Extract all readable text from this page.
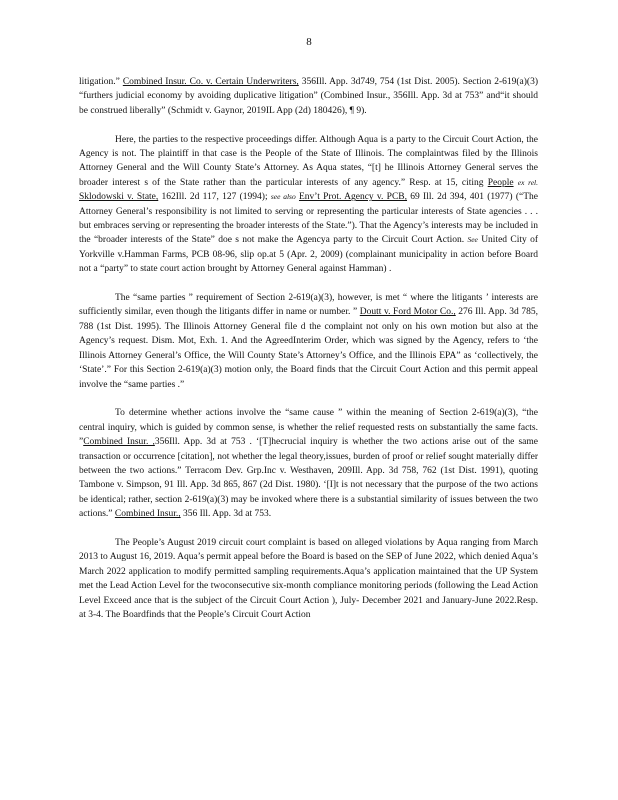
8

litigation.” Combined Insur. Co. v. Certain Underwriters, 356Ill. App. 3d749, 754 (1st Dist. 2005). Section 2-619(a)(3) “furthers judicial economy by avoiding duplicative litigation” (Combined Insur., 356Ill. App. 3d at 753” and“it should be construed liberally” (Schmidt v. Gaynor, 2019IL App (2d) 180426), ¶ 9).

Here, the parties to the respective proceedings differ. Although Aqua is a party to the Circuit Court Action, the Agency is not. The plaintiff in that case is the People of the State of Illinois. The complaintwas filed by the Illinois Attorney General and the Will County State’s Attorney. As Aqua states, “[t] he Illinois Attorney General serves the broader interest s of the State rather than the particular interests of any agency.” Resp. at 15, citing People ex rel. Sklodowski v. State, 162Ill. 2d 117, 127 (1994); see also Env’t Prot. Agency v. PCB, 69 Ill. 2d 394, 401 (1977) (“The Attorney General’s responsibility is not limited to serving or representing the particular interests of State agencies . . . but embraces serving or representing the broader interests of the State.”). That the Agency’s interests may be included in the “broader interests of the State” doe s not make the Agencya party to the Circuit Court Action. See United City of Yorkville v.Hamman Farms, PCB 08-96, slip op.at 5 (Apr. 2, 2009) (complainant municipality in action before Board not a “party” to state court action brought by Attorney General against Hamman) .

The “same parties ” requirement of Section 2-619(a)(3), however, is met “ where the litigants ’ interests are sufficiently similar, even though the litigants differ in name or number. ” Doutt v. Ford Motor Co., 276 Ill. App. 3d 785, 788 (1st Dist. 1995). The Illinois Attorney General file d the complaint not only on his own motion but also at the Agency’s request. Dism. Mot, Exh. 1. And the AgreedInterim Order, which was signed by the Agency, refers to ‘the Illinois Attorney General’s Office, the Will County State’s Attorney’s Office, and the Illinois EPA” as ‘collectively, the ‘State’.” For this Section 2-619(a)(3) motion only, the Board finds that the Circuit Court Action and this permit appeal involve the “same parties .”

To determine whether actions involve the “same cause ” within the meaning of Section 2-619(a)(3), “the central inquiry, which is guided by common sense, is whether the relief requested rests on substantially the same facts. ”Combined Insur. ,356Ill. App. 3d at 753 . ‘[T]hecrucial inquiry is whether the two actions arise out of the same transaction or occurrence [citation], not whether the legal theory,issues, burden of proof or relief sought materially differ between the two actions.” Terracom Dev. Grp.Inc v. Westhaven, 209Ill. App. 3d 758, 762 (1st Dist. 1991), quoting Tambone v. Simpson, 91 Ill. App. 3d 865, 867 (2d Dist. 1980). ‘[I]t is not necessary that the purpose of the two actions be identical; rather, section 2-619(a)(3) may be invoked where there is a substantial similarity of issues between the two actions.” Combined Insur., 356 Ill. App. 3d at 753.

The People’s August 2019 circuit court complaint is based on alleged violations by Aqua ranging from March 2013 to August 16, 2019. Aqua’s permit appeal before the Board is based on the SEP of June 2022, which denied Aqua’s March 2022 application to modify permitted sampling requirements.Aqua’s application maintained that the UP System met the Lead Action Level for the twoconsecutive six-month compliance monitoring periods (following the Lead Action Level Exceed ance that is the subject of the Circuit Court Action ), July- December 2021 and January-June 2022.Resp. at 3-4. The Boardfinds that the People’s Circuit Court Action
